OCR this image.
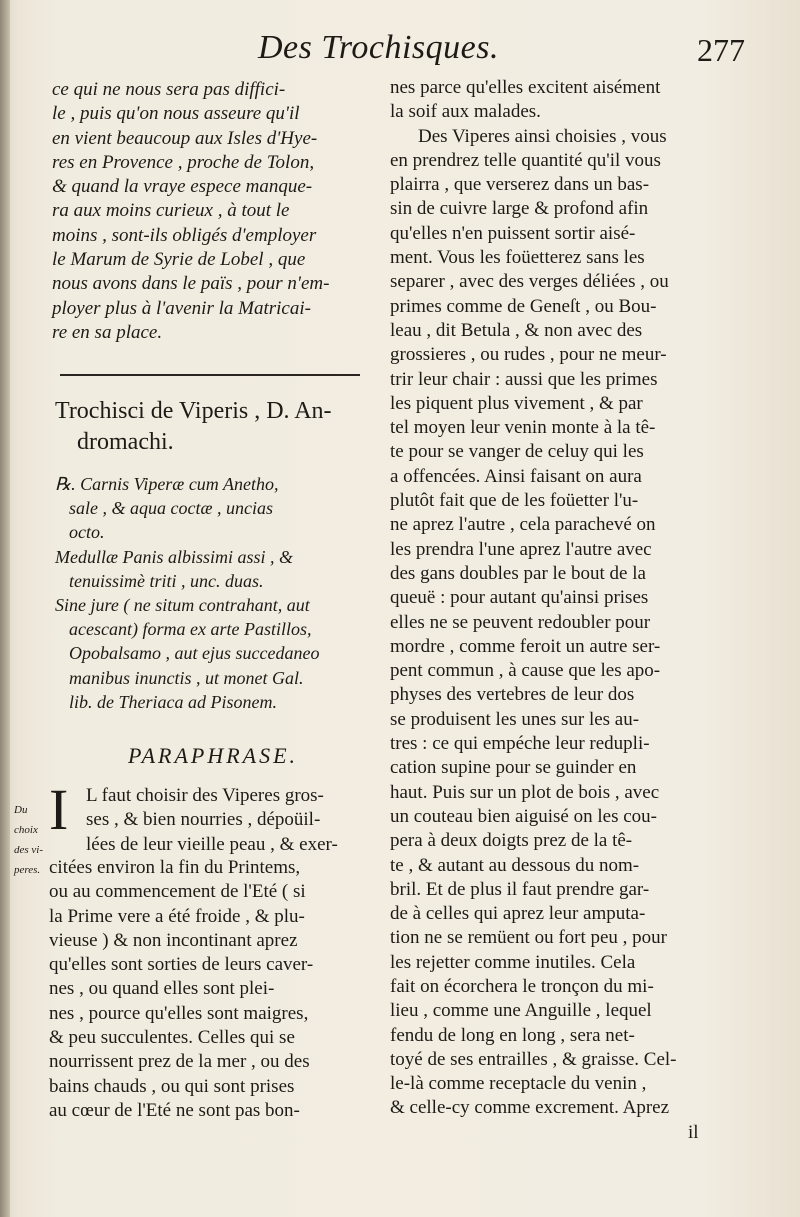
Des Trochisques.	277
ce qui ne nous sera pas diffici-
le , puis qu'on nous asseure qu'il
en vient beaucoup aux Isles d'Hye-
res en Provence , proche de Tolon,
& quand la vraye espece manque-
ra aux moins curieux , à tout le
moins , sont-ils obligés d'employer
le Marum de Syrie de Lobel , que
nous avons dans le païs , pour n'em-
ployer plus à l'avenir la Matricai-
re en sa place.
Trochisci de Viperis , D. An-
dromachi.
℞. Carnis Viperæ cum Anetho,
sale , & aqua coctæ , uncias
octo.
Medullæ Panis albissimi assi , &
tenuissimè triti , unc. duas.
Sine jure ( ne situm contrahant, aut
acescant) forma ex arte Pastillos,
Opobalsamo , aut ejus succedaneo
manibus inunctis , ut monet Gal.
lib. de Theriaca ad Pisonem.
PARAPHRASE.
Du
choix
des vi-
peres.
I L faut choisir des Viperes gros-
ses , & bien nourries , dépoüil-
lées de leur vieille peau , & exer-
citées environ la fin du Printems,
ou au commencement de l'Eté ( si
la Prime vere a été froide , & plu-
vieuse ) & non incontinant aprez
qu'elles sont sorties de leurs caver-
nes , ou quand elles sont plei-
nes , pource qu'elles sont maigres,
& peu succulentes. Celles qui se
nourrissent prez de la mer , ou des
bains chauds , ou qui sont prises
au cœur de l'Eté ne sont pas bon-
nes parce qu'elles excitent aisément
la soif aux malades.
Des Viperes ainsi choisies , vous
en prendrez telle quantité qu'il vous
plairra , que verserez dans un bas-
sin de cuivre large & profond afin
qu'elles n'en puissent sortir aisé-
ment. Vous les foüetterez sans les
separer , avec des verges déliées , ou
primes comme de Geneſt , ou Bou-
leau , dit Betula , & non avec des
grossieres , ou rudes , pour ne meur-
trir leur chair : aussi que les primes
les piquent plus vivement , & par
tel moyen leur venin monte à la tê-
te pour se vanger de celuy qui les
a offencées. Ainsi faisant on aura
plutôt fait que de les foüetter l'u-
ne aprez l'autre , cela parachevé on
les prendra l'une aprez l'autre avec
des gans doubles par le bout de la
queuë : pour autant qu'ainsi prises
elles ne se peuvent redoubler pour
mordre , comme feroit un autre ser-
pent commun , à cause que les apo-
physes des vertebres de leur dos
se produisent les unes sur les au-
tres : ce qui empéche leur redupli-
cation supine pour se guinder en
haut. Puis sur un plot de bois , avec
un couteau bien aiguisé on les cou-
pera à deux doigts prez de la tê-
te , & autant au dessous du nom-
bril. Et de plus il faut prendre gar-
de à celles qui aprez leur amputa-
tion ne se remüent ou fort peu , pour
les rejetter comme inutiles. Cela
fait on écorchera le tronçon du mi-
lieu , comme une Anguille , lequel
fendu de long en long , sera net-
toyé de ses entrailles , & graisse. Cel-
le-là comme receptacle du venin ,
& celle-cy comme excrement. Aprez
il
